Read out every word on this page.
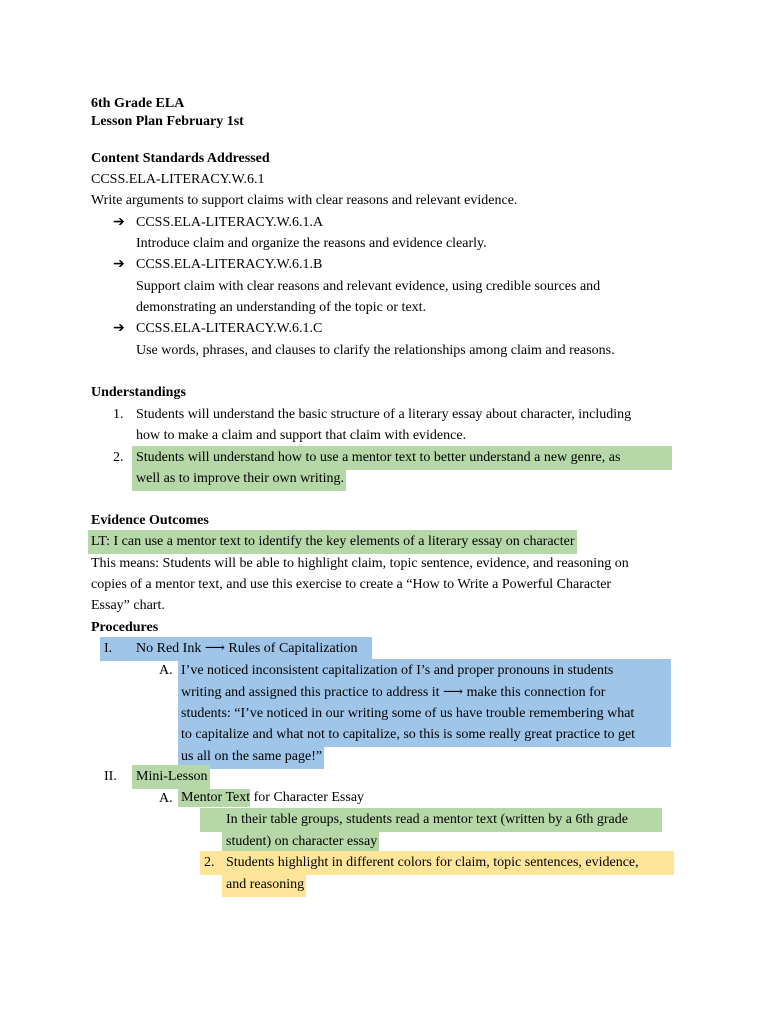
6th Grade ELA
Lesson Plan February 1st
Content Standards Addressed
CCSS.ELA-LITERACY.W.6.1
Write arguments to support claims with clear reasons and relevant evidence.
➔ CCSS.ELA-LITERACY.W.6.1.A
Introduce claim and organize the reasons and evidence clearly.
➔ CCSS.ELA-LITERACY.W.6.1.B
Support claim with clear reasons and relevant evidence, using credible sources and
demonstrating an understanding of the topic or text.
➔ CCSS.ELA-LITERACY.W.6.1.C
Use words, phrases, and clauses to clarify the relationships among claim and reasons.
Understandings
1. Students will understand the basic structure of a literary essay about character, including
how to make a claim and support that claim with evidence.
2. Students will understand how to use a mentor text to better understand a new genre, as
well as to improve their own writing.
Evidence Outcomes
LT: I can use a mentor text to identify the key elements of a literary essay on character
This means: Students will be able to highlight claim, topic sentence, evidence, and reasoning on
copies of a mentor text, and use this exercise to create a “How to Write a Powerful Character
Essay” chart.
Procedures
I. No Red Ink ⟶ Rules of Capitalization
A. I’ve noticed inconsistent capitalization of I’s and proper pronouns in students
writing and assigned this practice to address it ⟶ make this connection for
students: “I’ve noticed in our writing some of us have trouble remembering what
to capitalize and what not to capitalize, so this is some really great practice to get
us all on the same page!”
II. Mini-Lesson
A. Mentor Text for Character Essay
In their table groups, students read a mentor text (written by a 6th grade
student) on character essay
2. Students highlight in different colors for claim, topic sentences, evidence,
and reasoning
